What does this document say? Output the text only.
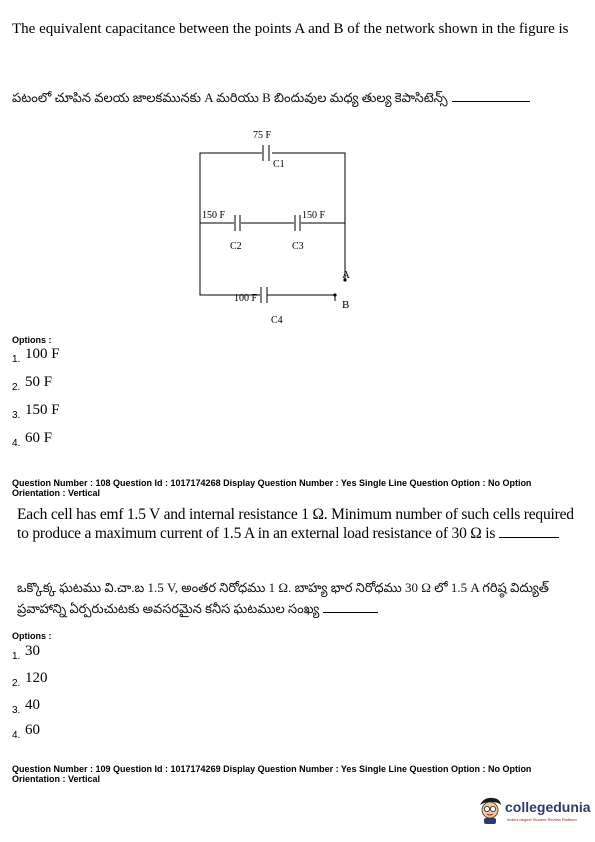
The equivalent capacitance between the points A and B of the network shown in the figure is
పటంలో చూపిన వలయ జాలకమునకు A మరియు B బిందువుల మధ్య తుల్య కెపాసిటెన్స్
75 F
C1
150 F
C2
150 F
C3
100 F
C4
A
B
Options :
1. 100 F
2. 50 F
3. 150 F
4. 60 F
Question Number : 108 Question Id : 1017174268 Display Question Number : Yes Single Line Question Option : No Option
Orientation : Vertical
Each cell has emf 1.5 V and internal resistance 1 Ω. Minimum number of such cells required to produce a maximum current of 1.5 A in an external load resistance of 30 Ω is
ఒక్కొక్క ఘటము వి.చా.బ 1.5 V, అంతర నిరోధము 1 Ω. బాహ్య భార నిరోధము 30 Ω లో 1.5 A గరిష్ఠ విద్యుత్ ప్రవాహాన్ని ఏర్పరుచుటకు అవసరమైన కనీస ఘటముల సంఖ్య
Options :
1. 30
2. 120
3. 40
4. 60
Question Number : 109 Question Id : 1017174269 Display Question Number : Yes Single Line Question Option : No Option
Orientation : Vertical
collegedunia
India's largest Student Review Platform
